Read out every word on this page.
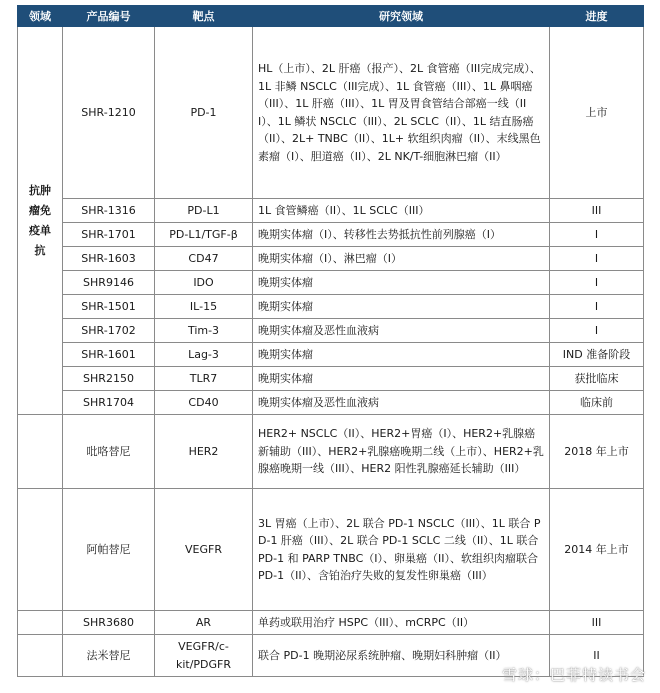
领域	产品编号	靶点	研究领域	进度
抗肿瘤免疫单抗	SHR-1210	PD-1	HL（上市）、2L 肝癌（报产）、2L 食管癌（III完成完成）、1L 非鳞 NSCLC（III完成）、1L 食管癌（III）、1L 鼻咽癌（III）、1L 肝癌（III）、1L 胃及胃食管结合部癌一线（III）、1L 鳞状 NSCLC（III）、2L SCLC（II）、1L 结直肠癌（II）、2L+ TNBC（II）、1L+ 软组织肉瘤（II）、末线黑色素瘤（I）、胆道癌（II）、2L NK/T-细胞淋巴瘤（II）	上市
	SHR-1316	PD-L1	1L 食管鳞癌（II）、1L SCLC（III）	III
	SHR-1701	PD-L1/TGF-β	晚期实体瘤（I）、转移性去势抵抗性前列腺癌（I）	I
	SHR-1603	CD47	晚期实体瘤（I）、淋巴瘤（I）	I
	SHR9146	IDO	晚期实体瘤	I
	SHR-1501	IL-15	晚期实体瘤	I
	SHR-1702	Tim-3	晚期实体瘤及恶性血液病	I
	SHR-1601	Lag-3	晚期实体瘤	IND 准备阶段
	SHR2150	TLR7	晚期实体瘤	获批临床
	SHR1704	CD40	晚期实体瘤及恶性血液病	临床前
	吡咯替尼	HER2	HER2+ NSCLC（II）、HER2+胃癌（I）、HER2+乳腺癌新辅助（III）、HER2+乳腺癌晚期二线（上市）、HER2+乳腺癌晚期一线（III）、HER2 阳性乳腺癌延长辅助（III）	2018 年上市
	阿帕替尼	VEGFR	3L 胃癌（上市）、2L 联合 PD-1 NSCLC（III）、1L 联合 PD-1 肝癌（III）、2L 联合 PD-1 SCLC 二线（II）、1L 联合 PD-1 和 PARP TNBC（I）、卵巢癌（II）、软组织肉瘤联合 PD-1（II）、含铂治疗失败的复发性卵巢癌（III）	2014 年上市
	SHR3680	AR	单药或联用治疗 HSPC（III）、mCRPC（II）	III
	法米替尼	VEGFR/c-kit/PDGFR	联合 PD-1 晚期泌尿系统肿瘤、晚期妇科肿瘤（II）	II
雪球：巴菲特读书会
